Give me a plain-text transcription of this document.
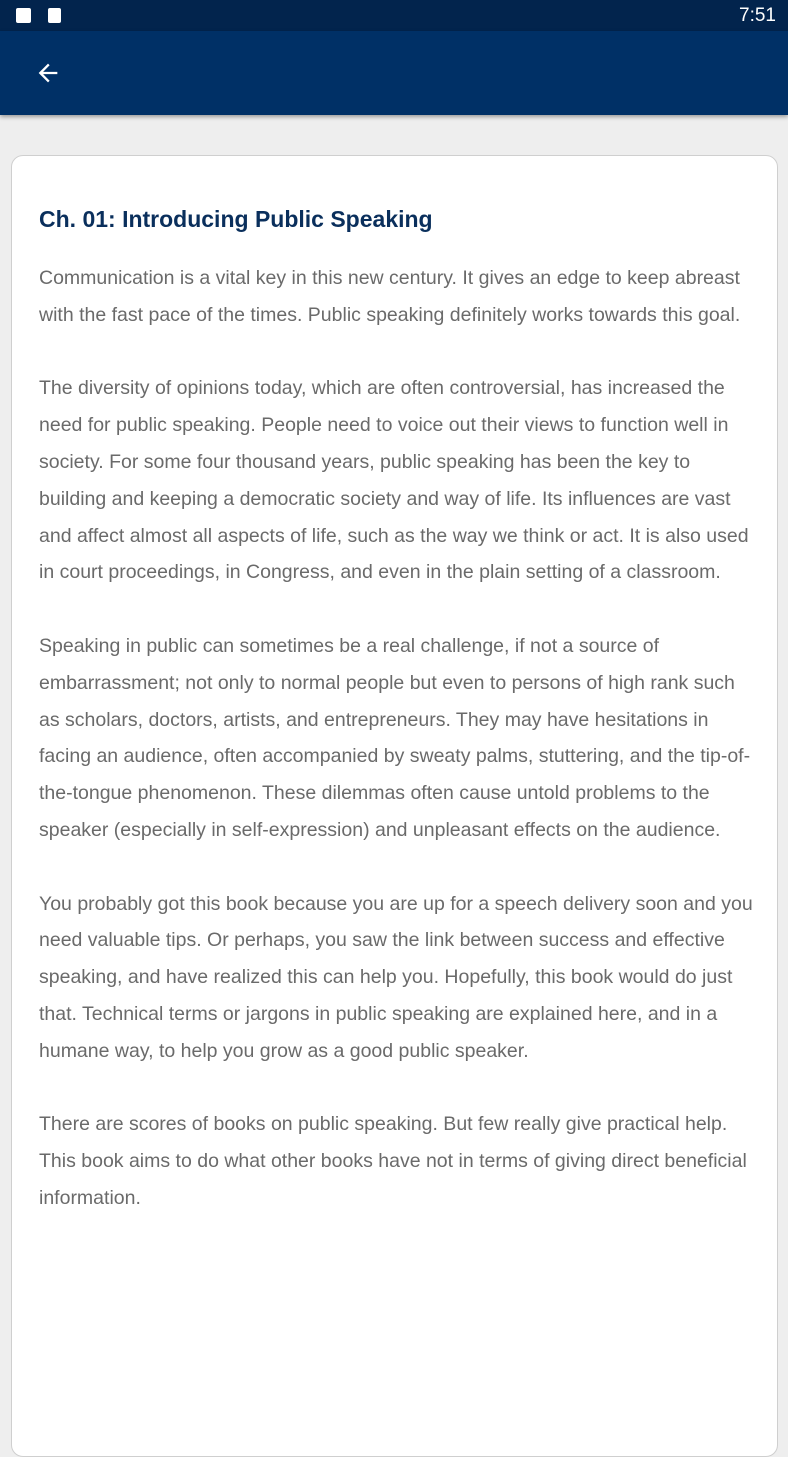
7:51
Ch. 01: Introducing Public Speaking

Communication is a vital key in this new century. It gives an edge to keep abreast with the fast pace of the times. Public speaking definitely works towards this goal.

The diversity of opinions today, which are often controversial, has increased the need for public speaking. People need to voice out their views to function well in society. For some four thousand years, public speaking has been the key to building and keeping a democratic society and way of life. Its influences are vast and affect almost all aspects of life, such as the way we think or act. It is also used in court proceedings, in Congress, and even in the plain setting of a classroom.

Speaking in public can sometimes be a real challenge, if not a source of embarrassment; not only to normal people but even to persons of high rank such as scholars, doctors, artists, and entrepreneurs. They may have hesitations in facing an audience, often accompanied by sweaty palms, stuttering, and the tip-of-the-tongue phenomenon. These dilemmas often cause untold problems to the speaker (especially in self-expression) and unpleasant effects on the audience.

You probably got this book because you are up for a speech delivery soon and you need valuable tips. Or perhaps, you saw the link between success and effective speaking, and have realized this can help you. Hopefully, this book would do just that. Technical terms or jargons in public speaking are explained here, and in a humane way, to help you grow as a good public speaker.

There are scores of books on public speaking. But few really give practical help. This book aims to do what other books have not in terms of giving direct beneficial information.
